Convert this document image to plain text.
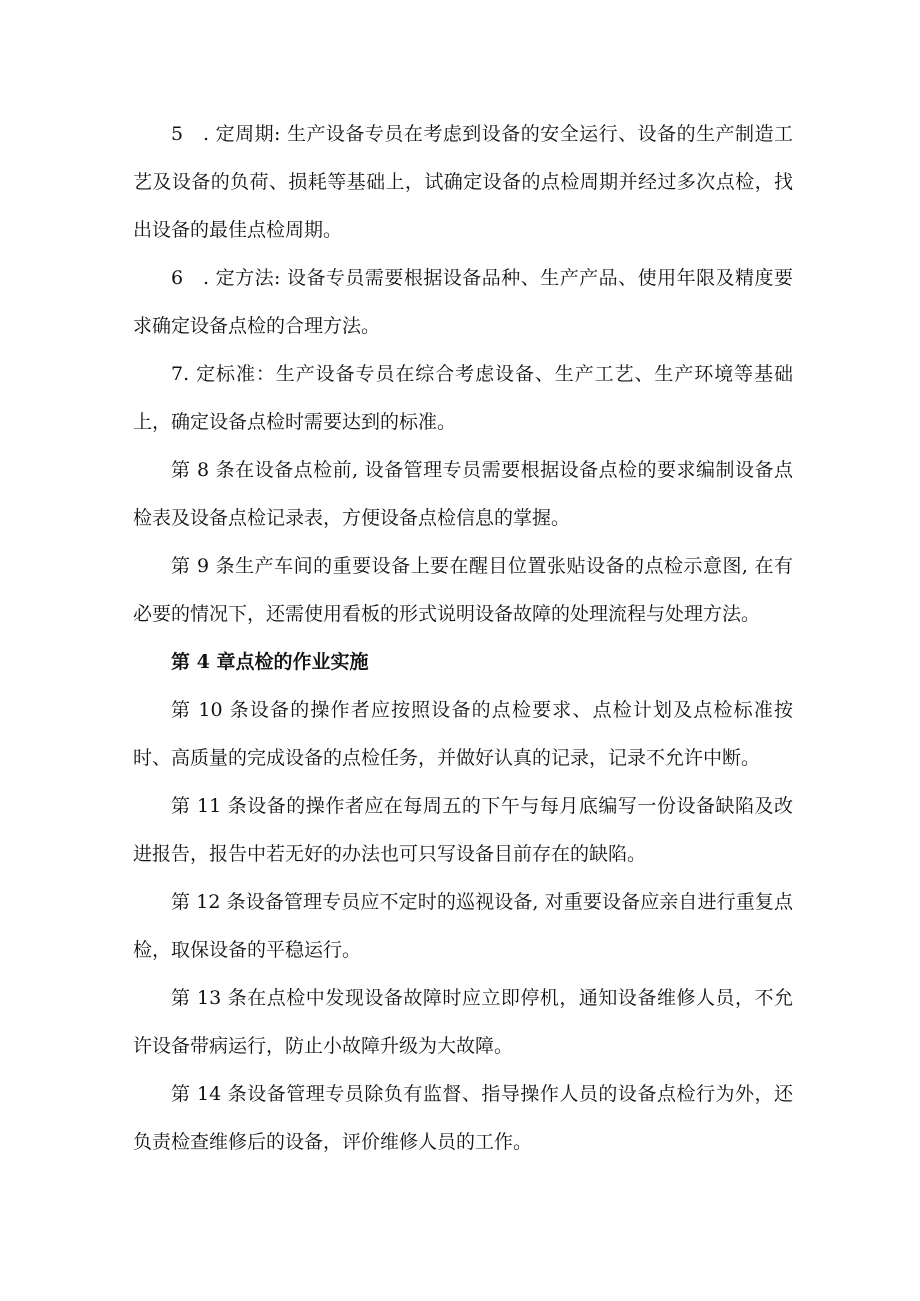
5　. 定周期: 生产设备专员在考虑到设备的安全运行、设备的生产制造工艺及设备的负荷、损耗等基础上，试确定设备的点检周期并经过多次点检，找出设备的最佳点检周期。

6　. 定方法: 设备专员需要根据设备品种、生产产品、使用年限及精度要求确定设备点检的合理方法。

7. 定标准：生产设备专员在综合考虑设备、生产工艺、生产环境等基础上，确定设备点检时需要达到的标准。

第 8 条在设备点检前, 设备管理专员需要根据设备点检的要求编制设备点检表及设备点检记录表，方便设备点检信息的掌握。

第 9 条生产车间的重要设备上要在醒目位置张贴设备的点检示意图, 在有必要的情况下，还需使用看板的形式说明设备故障的处理流程与处理方法。

第 4 章点检的作业实施

第 10 条设备的操作者应按照设备的点检要求、点检计划及点检标准按时、高质量的完成设备的点检任务，并做好认真的记录，记录不允许中断。

第 11 条设备的操作者应在每周五的下午与每月底编写一份设备缺陷及改进报告，报告中若无好的办法也可只写设备目前存在的缺陷。

第 12 条设备管理专员应不定时的巡视设备, 对重要设备应亲自进行重复点检，取保设备的平稳运行。

第 13 条在点检中发现设备故障时应立即停机，通知设备维修人员，不允许设备带病运行，防止小故障升级为大故障。

第 14 条设备管理专员除负有监督、指导操作人员的设备点检行为外，还负责检查维修后的设备，评价维修人员的工作。
